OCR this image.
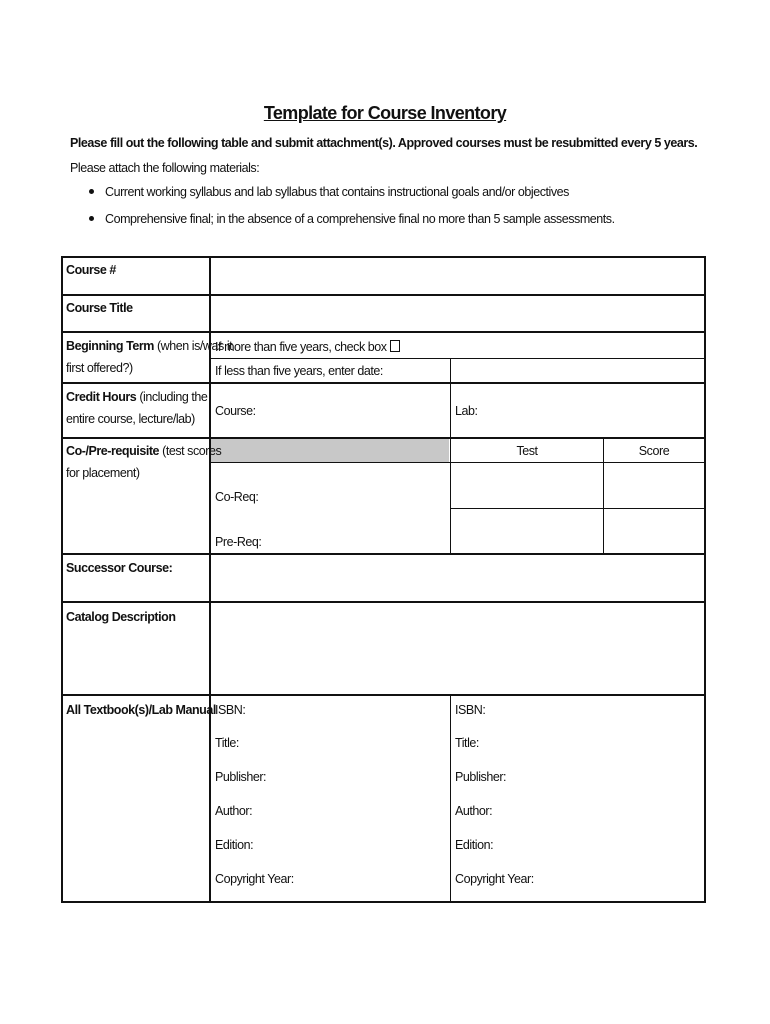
Template for Course Inventory
Please fill out the following table and submit attachment(s). Approved courses must be resubmitted every 5 years.
Please attach the following materials:
Current working syllabus and lab syllabus that contains instructional goals and/or objectives
Comprehensive final; in the absence of a comprehensive final no more than 5 sample assessments.
Course #
Course Title
Beginning Term (when is/was it
first offered?)
If more than five years, check box
If less than five years, enter date:
Credit Hours (including the
entire course, lecture/lab)
Course:	Lab:
Co-/Pre-requisite (test scores
for placement)
Test	Score
Co-Req:
Pre-Req:
Successor Course:
Catalog Description
All Textbook(s)/Lab Manual ISBN:
Title:
Publisher:
Author:
Edition:
Copyright Year:
ISBN:
Title:
Publisher:
Author:
Edition:
Copyright Year:
